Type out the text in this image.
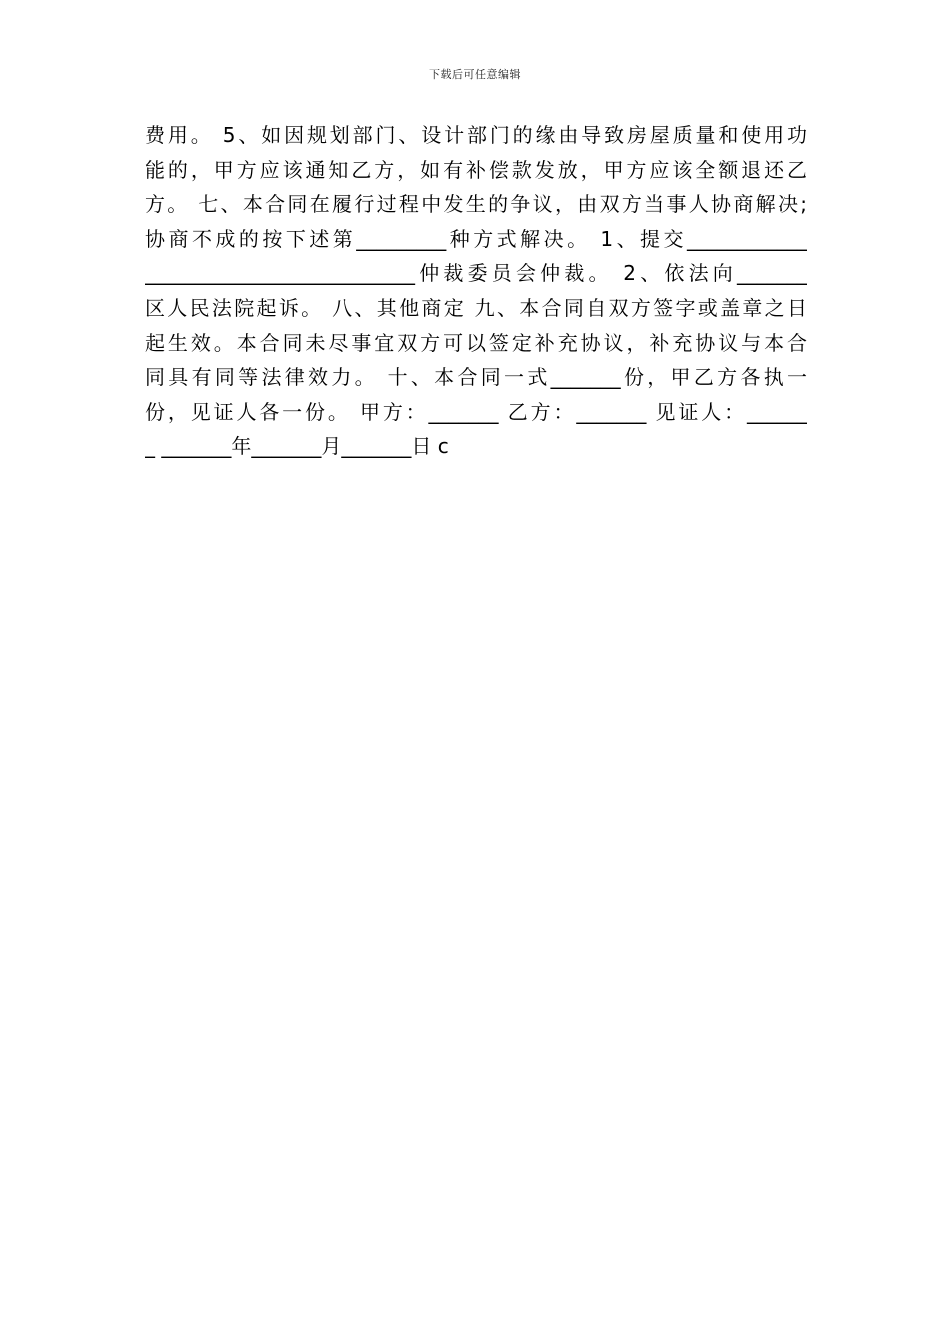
下载后可任意编辑
费用。 5、如因规划部门、设计部门的缘由导致房屋质量和使用功
能的，甲方应该通知乙方，如有补偿款发放，甲方应该全额退还乙
方。 七、本合同在履行过程中发生的争议，由双方当事人协商解决;
协商不成的按下述第_________种方式解决。 1、提交____________
___________________________仲裁委员会仲裁。 2、依法向_______
区人民法院起诉。 八、其他商定 九、本合同自双方签字或盖章之日
起生效。本合同未尽事宜双方可以签定补充协议，补充协议与本合
同具有同等法律效力。 十、本合同一式_______份，甲乙方各执一
份，见证人各一份。 甲方：_______ 乙方：_______ 见证人：______
_ _______年_______月_______日 c
